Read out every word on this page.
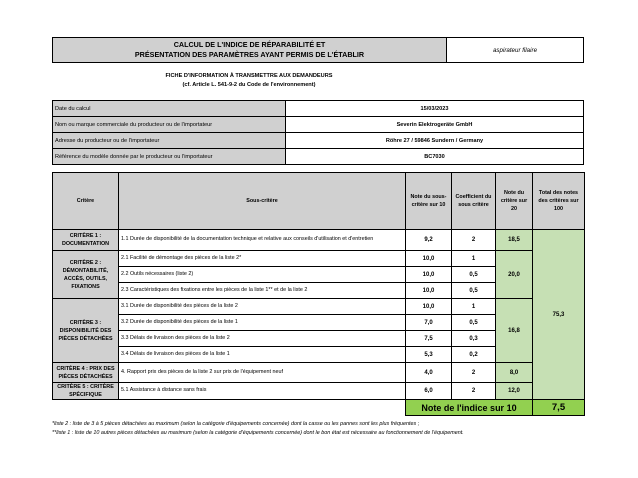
CALCUL DE L'INDICE DE RÉPARABILITÉ ET
PRÉSENTATION DES PARAMÈTRES AYANT PERMIS DE L'ÉTABLIR	aspirateur filaire
FICHE D'INFORMATION À TRANSMETTRE AUX DEMANDEURS
(cf. Article L. 541-9-2 du Code de l'environnement)
Date du calcul	15/03/2023
Nom ou marque commerciale du producteur ou de l'importateur	Severin Elektrogeräte GmbH
Adresse du producteur ou de l'importateur	Röhre 27 / 59846 Sundern / Germany
Référence du modèle donnée par le producteur ou l'importateur	BC7030
Critère	Sous-critère	Note du sous-critère sur 10	Coefficient du sous critère	Note du critère sur 20	Total des notes des critères sur 100
CRITÈRE 1 : DOCUMENTATION	1.1 Durée de disponibilité de la documentation technique et relative aux conseils d'utilisation et d'entretien	9,2	2	18,5	75,3
CRITÈRE 2 : DÉMONTABILITÉ, ACCÈS, OUTILS, FIXATIONS	2.1 Facilité de démontage des pièces de la liste 2*	10,0	1	20,0	
	2.2 Outils nécessaires (liste 2)	10,0	0,5		
	2.3 Caractéristiques des fixations entre les pièces de la liste 1** et de la liste 2	10,0	0,5		
CRITÈRE 3 : DISPONIBILITÉ DES PIÈCES DÉTACHÉES	3.1 Durée de disponibilité des pièces de la liste 2	10,0	1	16,8	
	3.2 Durée de disponibilité des pièces de la liste 1	7,0	0,5		
	3.3 Délais de livraison des pièces de la liste 2	7,5	0,3		
	3.4 Délais de livraison des pièces de la liste 1	5,3	0,2		
CRITÈRE 4 : PRIX DES PIÈCES DÉTACHÉES	4. Rapport prix des pièces de la liste 2 sur prix de l'équipement neuf	4,0	2	8,0	
CRITÈRE 5 : CRITÈRE SPÉCIFIQUE	5.1 Assistance à distance sans frais	6,0	2	12,0	
		Note de l'indice sur 10			7,5
*liste 2 : liste de 3 à 5 pièces détachées au maximum (selon la catégorie d'équipements concernée) dont la casse ou les pannes sont les plus fréquentes ;
**liste 1 : liste de 10 autres pièces détachées au maximum (selon la catégorie d'équipements concernée) dont le bon état est nécessaire au fonctionnement de l'équipement.
